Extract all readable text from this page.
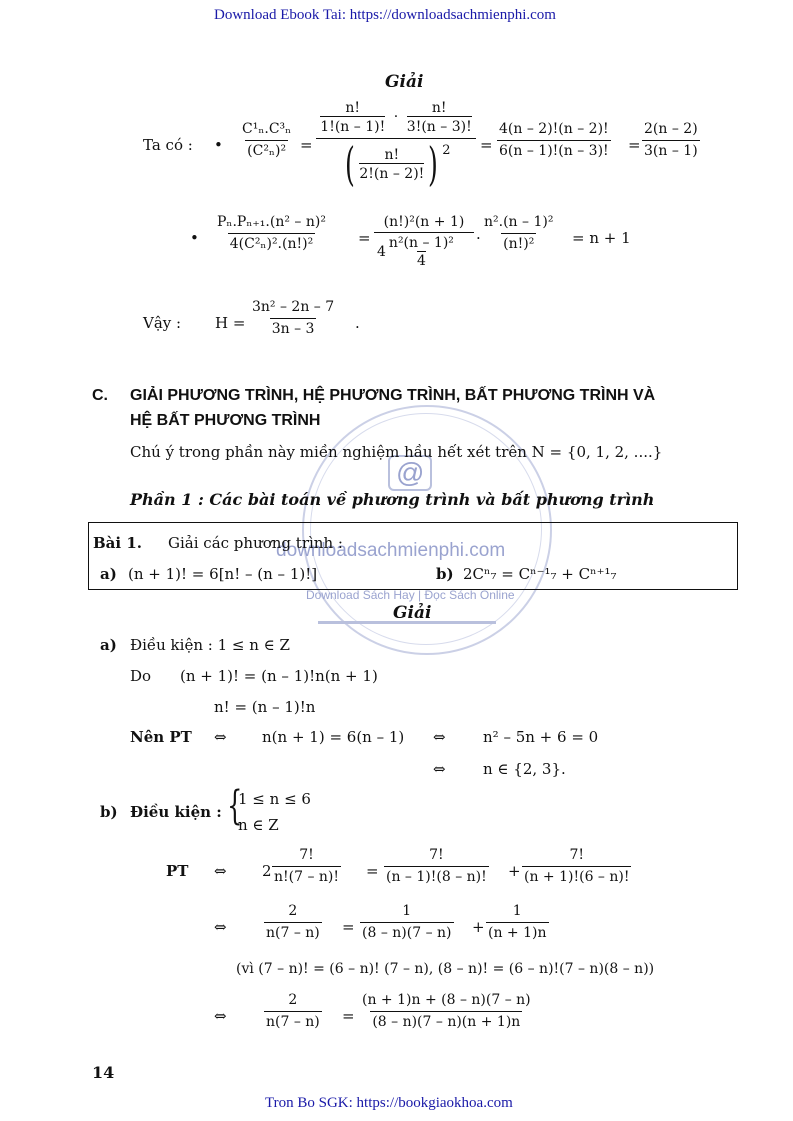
Download Ebook Tai: https://downloadsachmienphi.com
Tron Bo SGK: https://bookgiaokhoa.com
14
@
downloadsachmienphi.com
Download Sách Hay | Đọc Sách Online
Giải
Ta có : • $\frac{\text{C¹ₙ.C³ₙ}}{\text{(C²ₙ)²}}$ =
$\frac{n!}{1!(n - 1)!} \cdot \frac{n!}{3!(n - 3)!}$
( $\frac{n!}{2!(n - 2)!}$ ) $2 = \frac{4(n - 2)!(n - 2)!}{6(n - 1)!(n - 3)!} = \frac{2(n - 2)}{3(n - 1)}$
• $\frac{\text{Pₙ.Pₙ₊₁.(n² – n)²}}{\text{4(C²ₙ)².(n!)²}}$ =
(n!)²(n + 1)
$4 \frac{\text{n²(n – 1)²}}{4} \cdot \frac{\text{n².(n – 1)²}}{\text{(n!)²}} = n + 1$
Vậy : $H = \frac{\text{3n² – 2n – 7}}{3n - 3}$ .
C. GIẢI PHƯƠNG TRÌNH, HỆ PHƯƠNG TRÌNH, BẤT PHƯƠNG TRÌNH VÀ
HỆ BẤT PHƯƠNG TRÌNH
Chú ý trong phần này miền nghiệm hầu hết xét trên N = {0, 1, 2, ....}
Phần 1 : Các bài toán về phương trình và bất phương trình
Bài 1. Giải các phương trình :
a) (n + 1)! = 6[n! – (n – 1)!]	b) 2Cⁿ₇ = Cⁿ⁻¹₇ + Cⁿ⁺¹₇
Giải
a) Điều kiện : 1 ≤ n ∈ Z
Do (n + 1)! = (n – 1)!n(n + 1)
n! = (n – 1)!n
Nên PT ⇔ n(n + 1) = 6(n – 1) ⇔ n² – 5n + 6 = 0
⇔ n ∈ {2, 3}.
b) Điều kiện : {
1 ≤ n ≤ 6
n ∈ Z
PT ⇔ $2 \frac{7!}{n!(7 - n)!} = \frac{7!}{(n - 1)!(8 - n)!} + \frac{7!}{(n + 1)!(6 - n)!}$
⇔	$\frac{2}{n(7 - n)} = \frac{1}{(8 - n)(7 - n)} + \frac{1}{(n + 1)n}$
(vì (7 – n)! = (6 – n)! (7 – n), (8 – n)! = (6 – n)!(7 – n)(8 – n))
⇔	$\frac{2}{n(7 - n)} = \frac{(n + 1)n + (8 - n)(7 - n)}{(8 - n)(7 - n)(n + 1)n}$
